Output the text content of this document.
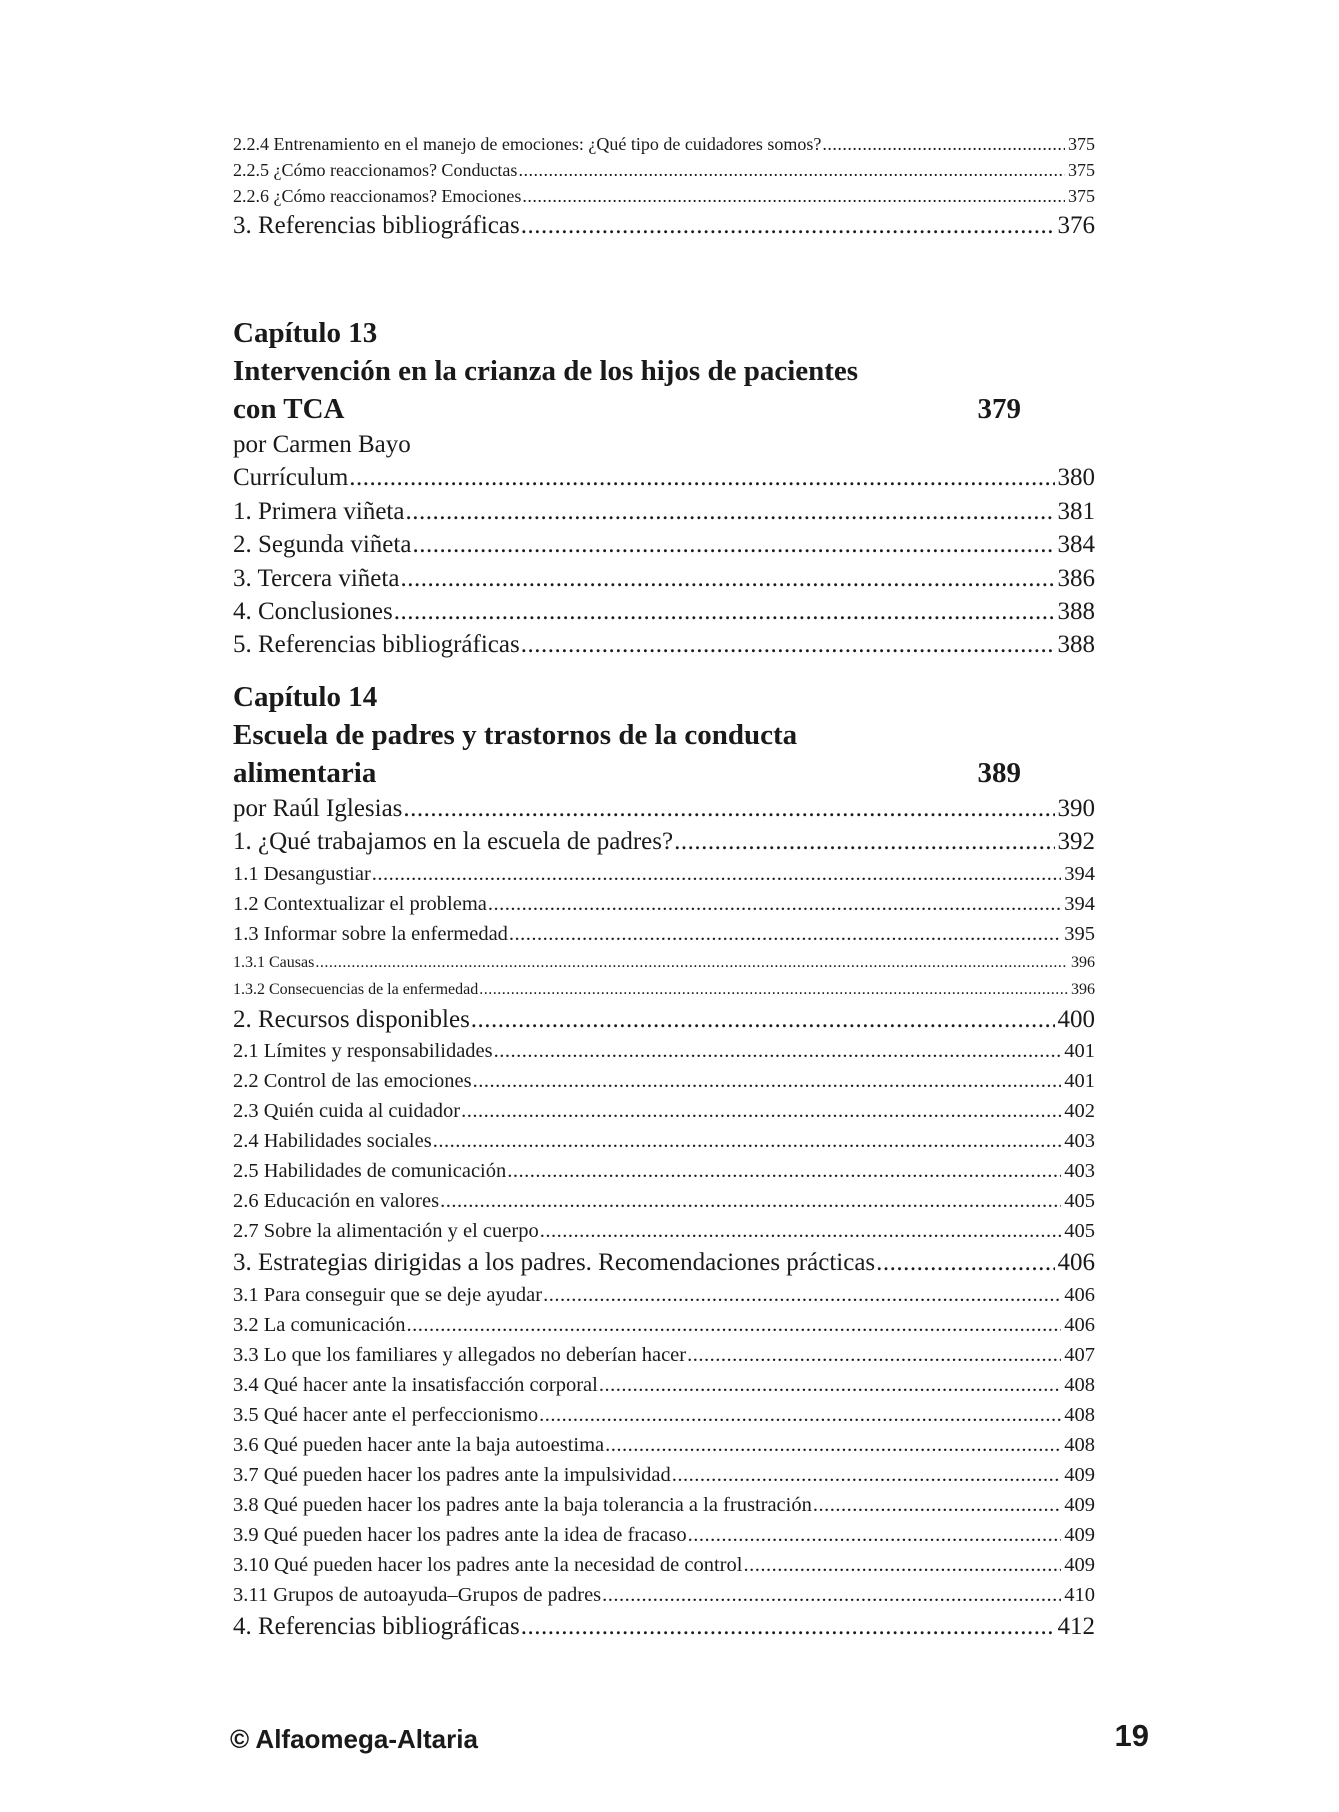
2.2.4 Entrenamiento en el manejo de emociones: ¿Qué tipo de cuidadores somos? .....	375
2.2.5 ¿Cómo reaccionamos? Conductas .....	375
2.2.6 ¿Cómo reaccionamos? Emociones .....	375
3. Referencias bibliográficas .....	376
Capítulo 13
Intervención en la crianza de los hijos de pacientes
con TCA	379
por Carmen Bayo
Currículum .....	380
1. Primera viñeta .....	381
2. Segunda viñeta .....	384
3. Tercera viñeta .....	386
4. Conclusiones .....	388
5. Referencias bibliográficas .....	388
Capítulo 14
Escuela de padres y trastornos de la conducta
alimentaria	389
por Raúl Iglesias .....	390
1. ¿Qué trabajamos en la escuela de padres? .....	392
1.1 Desangustiar .....	394
1.2 Contextualizar el problema .....	394
1.3 Informar sobre la enfermedad .....	395
1.3.1 Causas .....	396
1.3.2 Consecuencias de la enfermedad .....	396
2. Recursos disponibles .....	400
2.1 Límites y responsabilidades .....	401
2.2 Control de las emociones .....	401
2.3 Quién cuida al cuidador .....	402
2.4 Habilidades sociales .....	403
2.5 Habilidades de comunicación .....	403
2.6 Educación en valores .....	405
2.7 Sobre la alimentación y el cuerpo .....	405
3. Estrategias dirigidas a los padres. Recomendaciones prácticas .....	406
3.1 Para conseguir que se deje ayudar .....	406
3.2 La comunicación .....	406
3.3 Lo que los familiares y allegados no deberían hacer .....	407
3.4 Qué hacer ante la insatisfacción corporal .....	408
3.5 Qué hacer ante el perfeccionismo .....	408
3.6 Qué pueden hacer ante la baja autoestima .....	408
3.7 Qué pueden hacer los padres ante la impulsividad .....	409
3.8 Qué pueden hacer los padres ante la baja tolerancia a la frustración .....	409
3.9 Qué pueden hacer los padres ante la idea de fracaso .....	409
3.10 Qué pueden hacer los padres ante la necesidad de control .....	409
3.11 Grupos de autoayuda–Grupos de padres .....	410
4. Referencias bibliográficas .....	412
© Alfaomega-Altaria	19
